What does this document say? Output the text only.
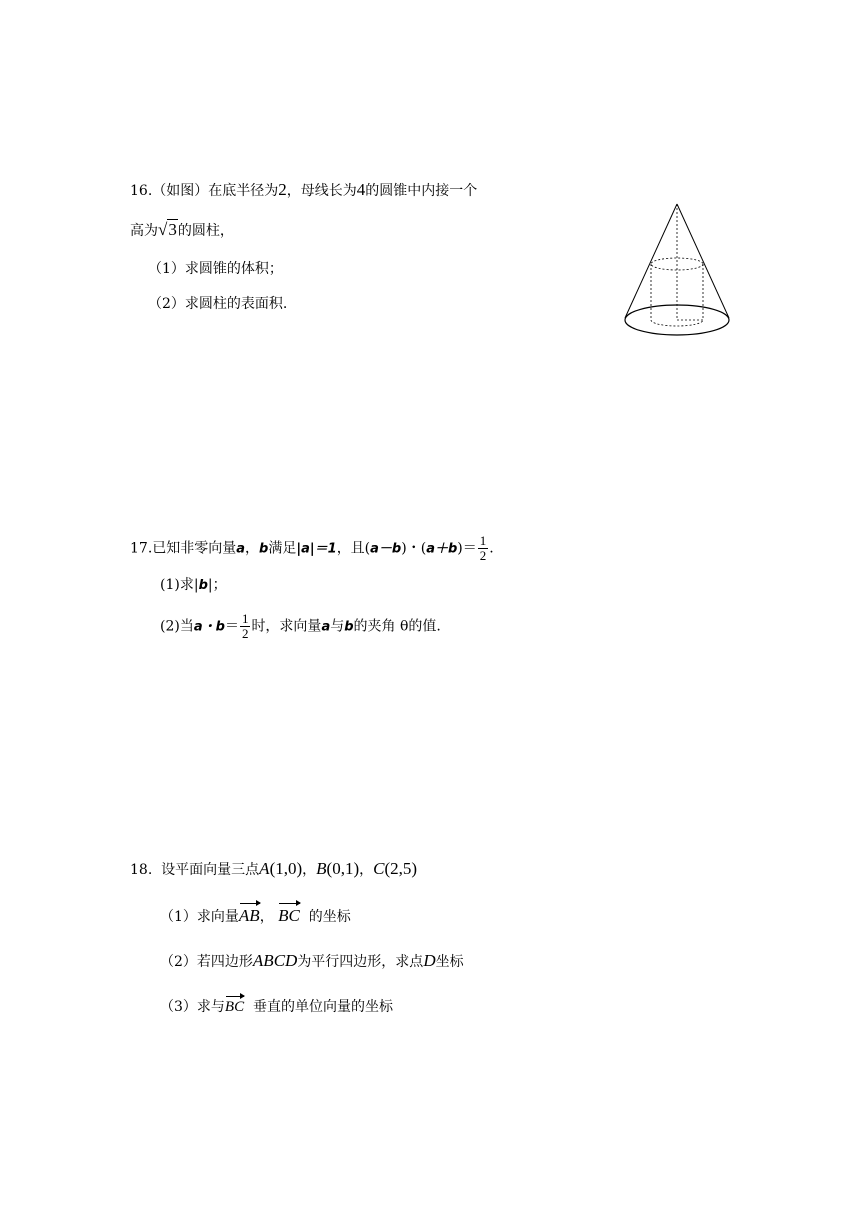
16.（如图）在底半径为2，母线长为4的圆锥中内接一个
高为√3的圆柱，
（1）求圆锥的体积；
（2）求圆柱的表面积.
17.已知非零向量a，b满足|a|＝1，且(a－b)・$(a+b)= \frac{1}{2}$ .
(1)求|b|；
(2)当a・$b= \frac{1}{2}$ 时，求向量a与b的夹角 θ的值.
18. 设平面向量三点A(1,0)，B(0,1)，C(2,5)
（1）求向量AB， BC 的坐标
（2）若四边形ABCD为平行四边形，求点D坐标
（3）求与BC 垂直的单位向量的坐标
